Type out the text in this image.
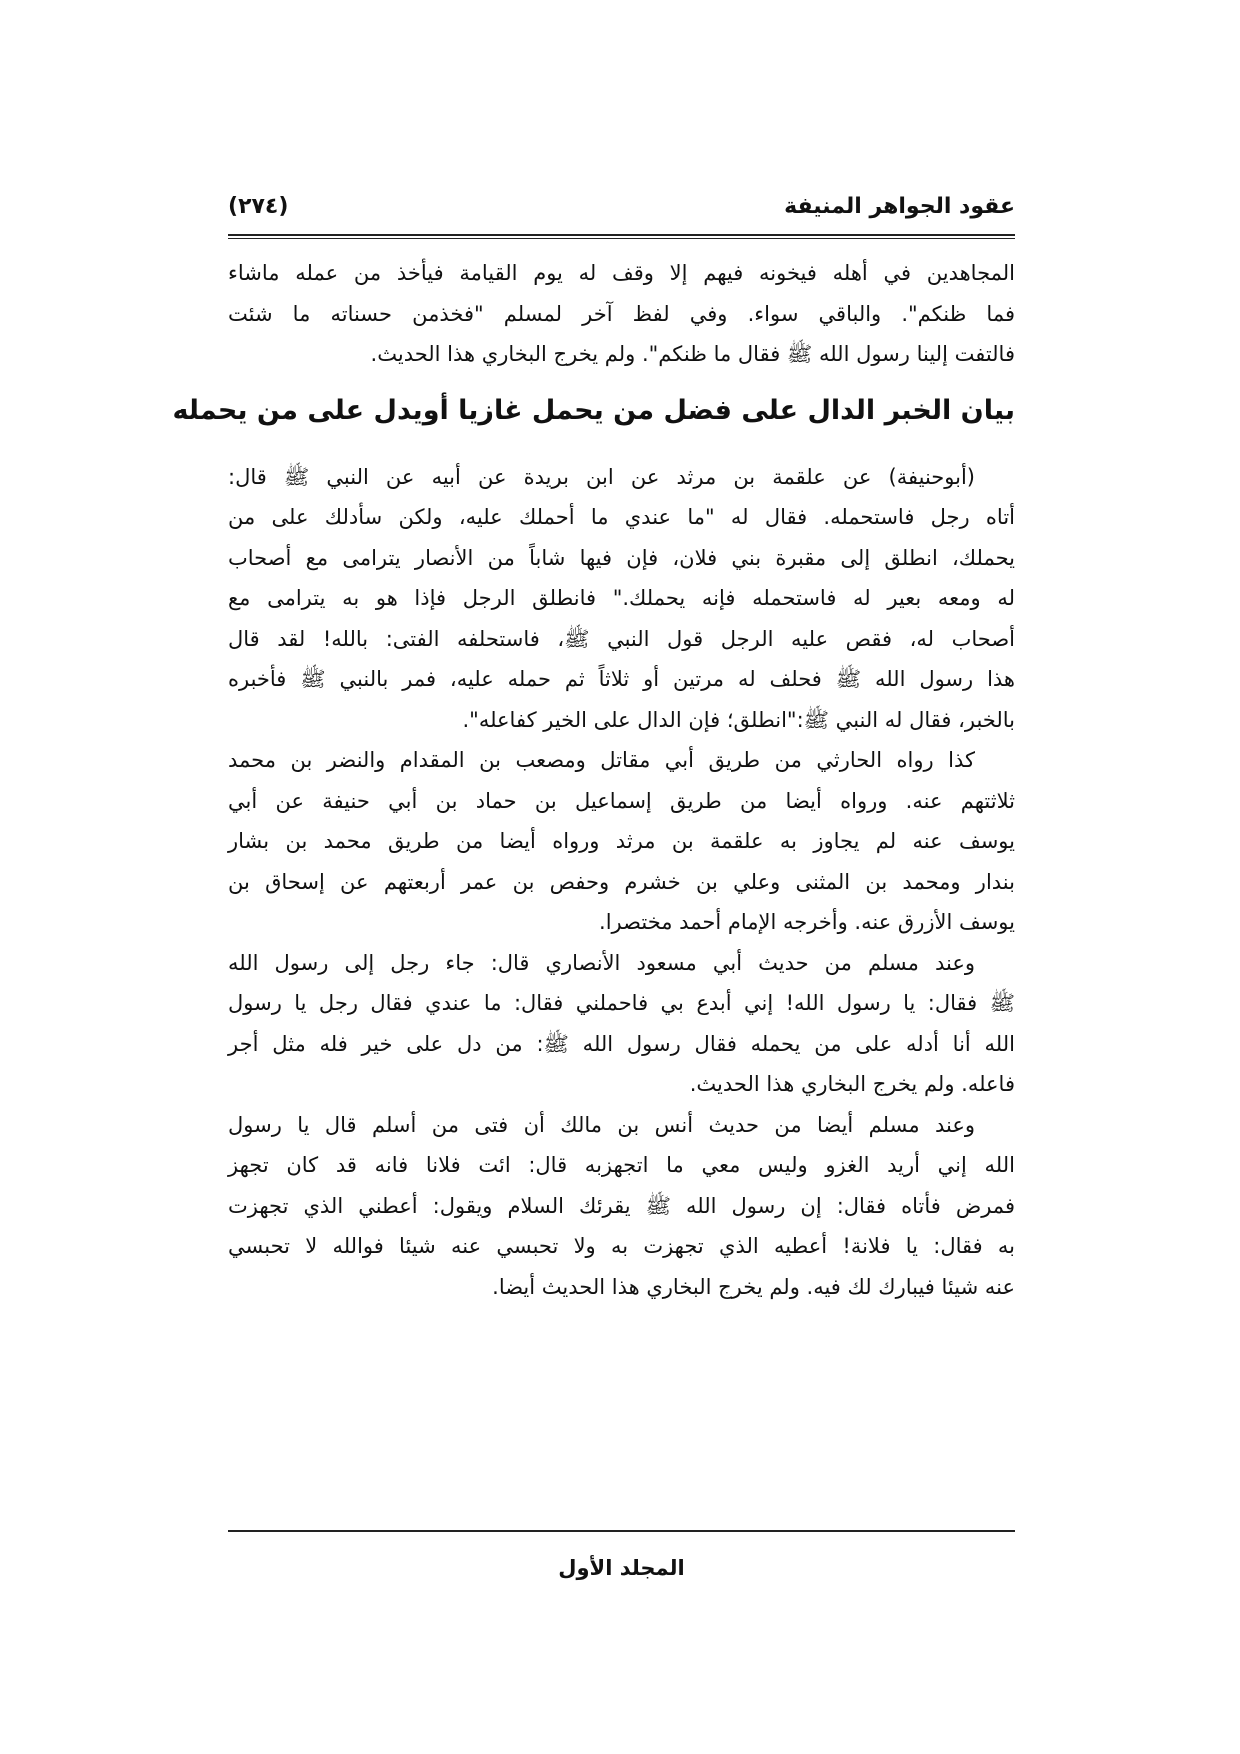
عقود الجواهر المنيفة
(٢٧٤)
المجاهدين في أهله فيخونه فيهم إلا وقف له يوم القيامة فيأخذ من عمله ماشاء
فما ظنكم". والباقي سواء. وفي لفظ آخر لمسلم "فخذمن حسناته ما شئت
فالتفت إلينا رسول الله ﷺ فقال ما ظنكم". ولم يخرج البخاري هذا الحديث.
بيان الخبر الدال على فضل من يحمل غازيا أويدل على من يحمله
(أبوحنيفة) عن علقمة بن مرثد عن ابن بريدة عن أبيه عن النبي ﷺ قال:
أتاه رجل فاستحمله. فقال له "ما عندي ما أحملك عليه، ولكن سأدلك على من
يحملك، انطلق إلى مقبرة بني فلان، فإن فيها شاباً من الأنصار يترامى مع أصحاب
له ومعه بعير له فاستحمله فإنه يحملك." فانطلق الرجل فإذا هو به يترامى مع
أصحاب له، فقص عليه الرجل قول النبي ﷺ، فاستحلفه الفتى: بالله! لقد قال
هذا رسول الله ﷺ فحلف له مرتين أو ثلاثاً ثم حمله عليه، فمر بالنبي ﷺ فأخبره
بالخبر، فقال له النبي ﷺ:"انطلق؛ فإن الدال على الخير كفاعله".
كذا رواه الحارثي من طريق أبي مقاتل ومصعب بن المقدام والنضر بن محمد
ثلاثتهم عنه. ورواه أيضا من طريق إسماعيل بن حماد بن أبي حنيفة عن أبي
يوسف عنه لم يجاوز به علقمة بن مرثد ورواه أيضا من طريق محمد بن بشار
بندار ومحمد بن المثنى وعلي بن خشرم وحفص بن عمر أربعتهم عن إسحاق بن
يوسف الأزرق عنه. وأخرجه الإمام أحمد مختصرا.
وعند مسلم من حديث أبي مسعود الأنصاري قال: جاء رجل إلى رسول الله
ﷺ فقال: يا رسول الله! إني أبدع بي فاحملني فقال: ما عندي فقال رجل يا رسول
الله أنا أدله على من يحمله فقال رسول الله ﷺ: من دل على خير فله مثل أجر
فاعله. ولم يخرج البخاري هذا الحديث.
وعند مسلم أيضا من حديث أنس بن مالك أن فتى من أسلم قال يا رسول
الله إني أريد الغزو وليس معي ما اتجهزبه قال: ائت فلانا فانه قد كان تجهز
فمرض فأتاه فقال: إن رسول الله ﷺ يقرئك السلام ويقول: أعطني الذي تجهزت
به فقال: يا فلانة! أعطيه الذي تجهزت به ولا تحبسي عنه شيئا فوالله لا تحبسي
عنه شيئا فيبارك لك فيه. ولم يخرج البخاري هذا الحديث أيضا.
المجلد الأول
